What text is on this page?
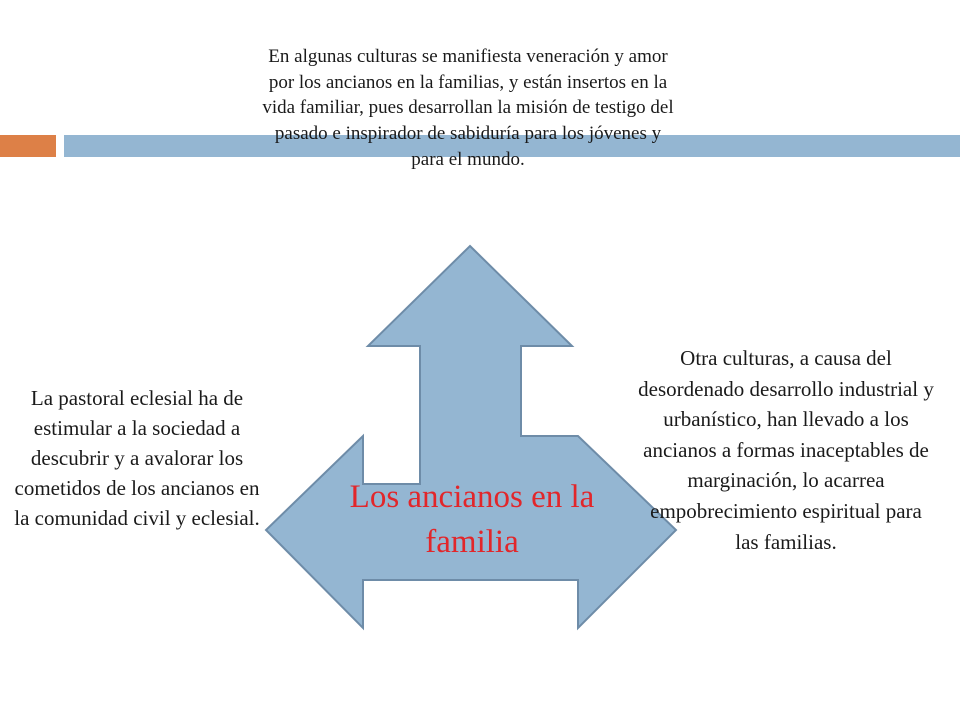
En algunas culturas se manifiesta veneración y amor por los ancianos en la familias, y están insertos en la vida familiar, pues desarrollan la misión de testigo del pasado e inspirador de sabiduría para los jóvenes y para el mundo.
La pastoral eclesial ha de estimular a la sociedad a descubrir y a avalorar los cometidos de los ancianos en la comunidad civil y eclesial.
Otra culturas, a causa del desordenado desarrollo industrial y urbanístico, han llevado a los ancianos a formas inaceptables de marginación, lo acarrea empobrecimiento espiritual para las familias.
Los ancianos en la familia
